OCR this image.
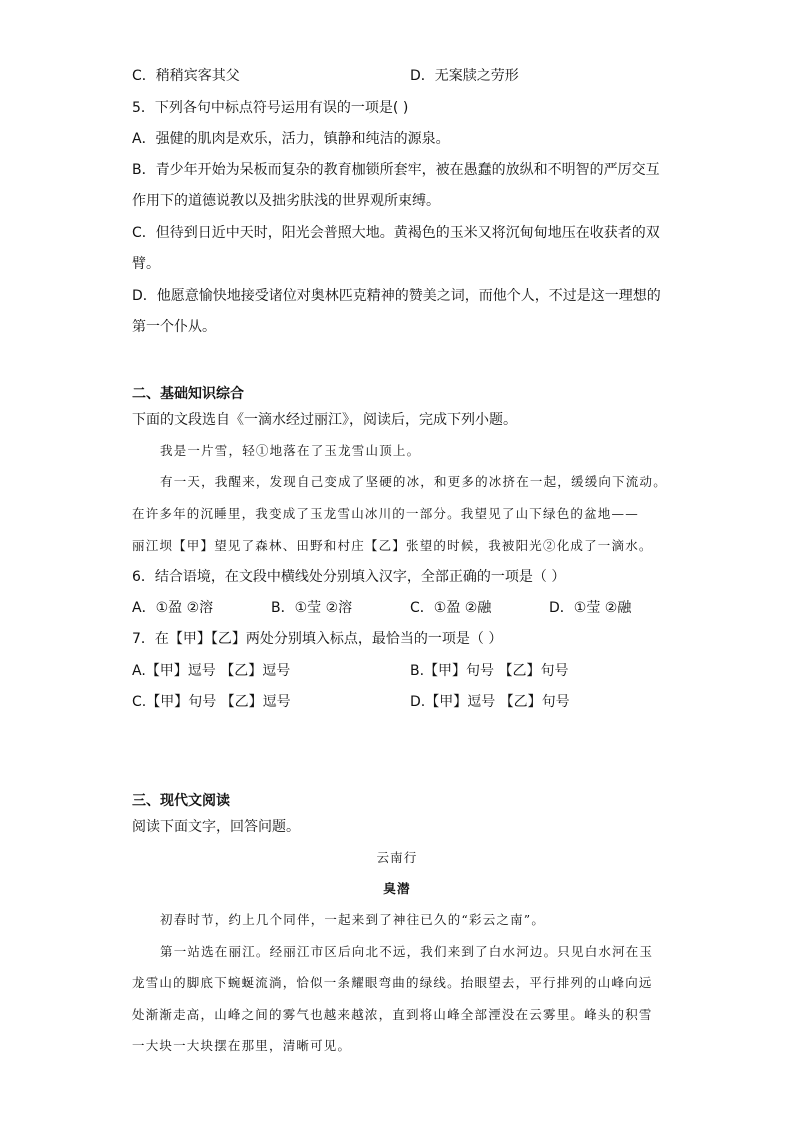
C．稍稍宾客其父	D．无案牍之劳形
5．下列各句中标点符号运用有误的一项是( )
A．强健的肌肉是欢乐，活力，镇静和纯洁的源泉。
B．青少年开始为呆板而复杂的教育枷锁所套牢，被在愚蠢的放纵和不明智的严厉交互
作用下的道德说教以及拙劣肤浅的世界观所束缚。
C．但待到日近中天时，阳光会普照大地。黄褐色的玉米又将沉甸甸地压在收获者的双
臂。
D．他愿意愉快地接受诸位对奥林匹克精神的赞美之词，而他个人，不过是这一理想的
第一个仆从。
二、基础知识综合
下面的文段选自《一滴水经过丽江》，阅读后，完成下列小题。
我是一片雪，轻①地落在了玉龙雪山顶上。
有一天，我醒来，发现自己变成了坚硬的冰，和更多的冰挤在一起，缓缓向下流动。
在许多年的沉睡里，我变成了玉龙雪山冰川的一部分。我望见了山下绿色的盆地——
丽江坝【甲】望见了森林、田野和村庄【乙】张望的时候，我被阳光②化成了一滴水。
6．结合语境，在文段中横线处分别填入汉字，全部正确的一项是（ ）
A．①盈 ②溶	B．①莹 ②溶	C．①盈 ②融	D．①莹 ②融
7．在【甲】【乙】两处分别填入标点，最恰当的一项是（ ）
A.【甲】逗号 【乙】逗号	B.【甲】句号 【乙】句号
C.【甲】句号 【乙】逗号	D.【甲】逗号 【乙】句号
三、现代文阅读
阅读下面文字，回答问题。
云南行
臭潜
初春时节，约上几个同伴，一起来到了神往已久的“彩云之南”。
第一站选在丽江。经丽江市区后向北不远，我们来到了白水河边。只见白水河在玉
龙雪山的脚底下蜿蜒流淌，恰似一条耀眼弯曲的绿线。抬眼望去，平行排列的山峰向远
处渐渐走高，山峰之间的雾气也越来越浓，直到将山峰全部湮没在云雾里。峰头的积雪
一大块一大块摆在那里，清晰可见。
